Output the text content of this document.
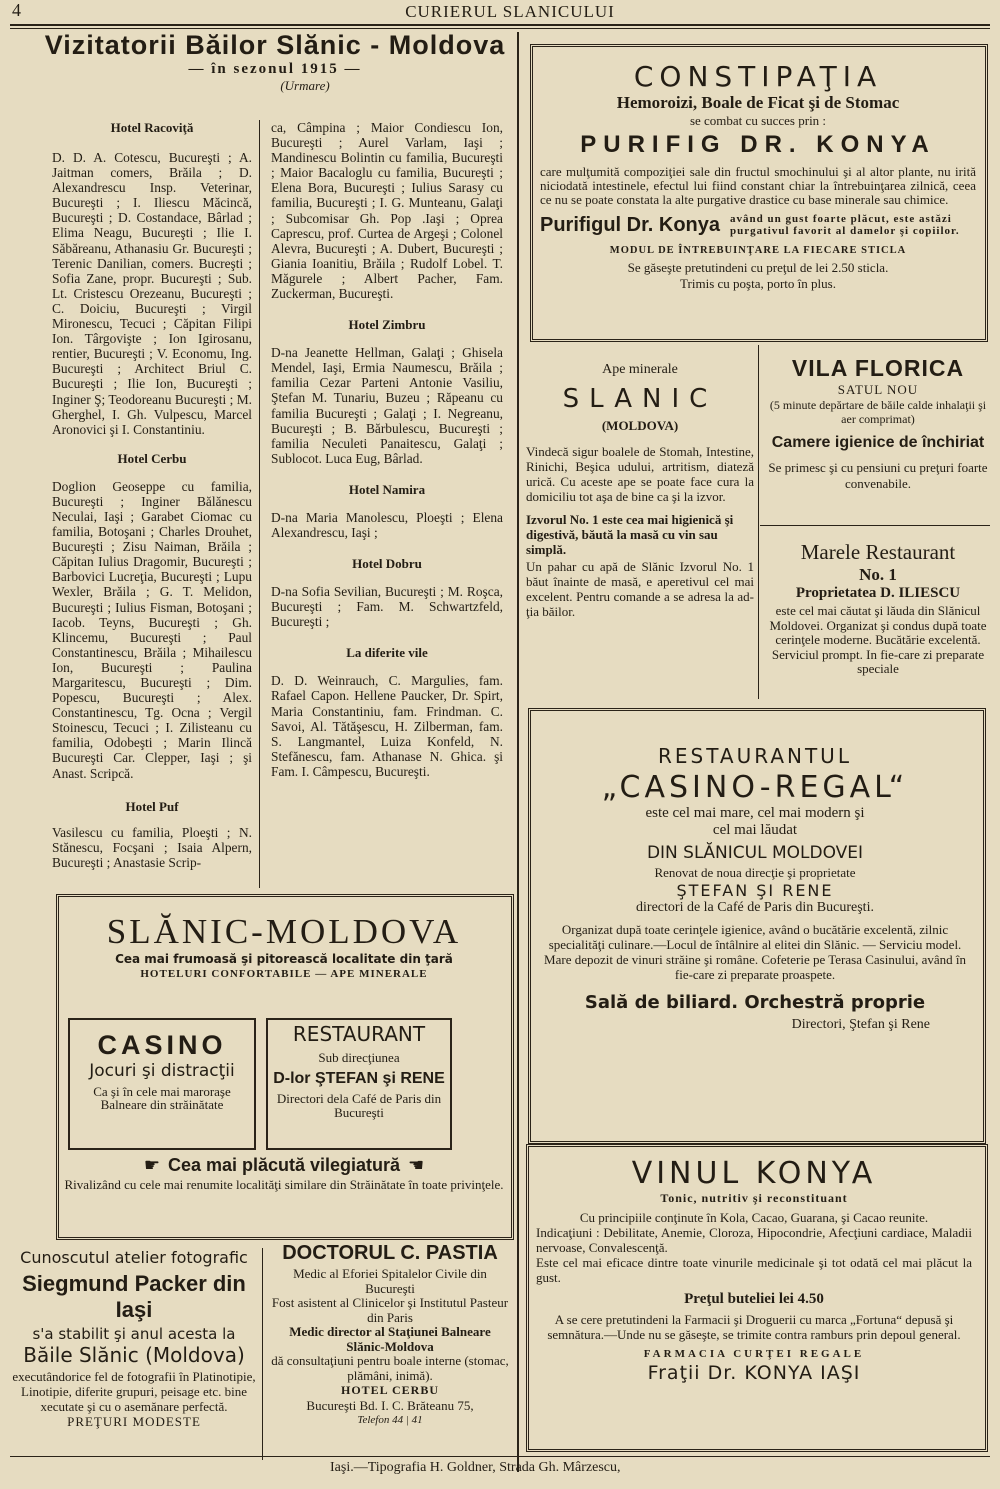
4	CURIERUL SLANICULUI
Vizitatorii Băilor Slănic - Moldova
— în sezonul 1915 —
(Urmare)

Hotel Racoviţă

D. D. A. Cotescu, Bucureşti ; A. Jaitman comers, Brăila ; D. Alexandrescu Insp. Veterinar, Bucureşti ; I. Iliescu Măcincă, Bucureşti ; D. Costandace, Bârlad ; Elima Neagu, Bucureşti ; Ilie I. Săbăreanu, Athanasiu Gr. Bucureşti ; Terenic Danilian, comers. Bucreşti ; Sofia Zane, propr. Bucureşti ; Sub. Lt. Cristescu Orezeanu, Bucureşti ; C. Doiciu, Bucureşti ; Virgil Mironescu, Tecuci ; Căpitan Filipi Ion. Târgovişte ; Ion Igirosanu, rentier, Bucureşti ; V. Economu, Ing. Bucureşti ; Architect Briul C. Bucureşti ; Ilie Ion, Bucureşti ; Inginer Ş; Teodoreanu Bucureşti ; M. Gherghel, I. Gh. Vulpescu, Marcel Aronovici şi I. Constantiniu.

Hotel Cerbu

Doglion Geoseppe cu familia, Bucureşti ; Inginer Bălănescu Neculai, Iaşi ; Garabet Ciomac cu familia, Botoşani ; Charles Drouhet, Bucureşti ; Zisu Naiman, Brăila ; Căpitan Iulius Dragomir, Bucureşti ; Barbovici Lucreţia, Bucureşti ; Lupu Wexler, Brăila ; G. T. Melidon, Bucureşti ; Iulius Fisman, Botoşani ; Iacob. Teyns, Bucureşti ; Gh. Klincemu, Bucureşti ; Paul Constantinescu, Brăila ; Mihailescu Ion, Bucureşti ; Paulina Margaritescu, Bucureşti ; Dim. Popescu, Bucureşti ; Alex. Constantinescu, Tg. Ocna ; Vergil Stoinescu, Tecuci ; I. Zilisteanu cu familia, Odobeşti ; Marin Ilincă Bucureşti Car. Clepper, Iaşi ; şi Anast. Scripcă.

Hotel Puf

Vasilescu cu familia, Ploeşti ; N. Stănescu, Focşani ; Isaia Alpern, Bucureşti ; Anastasie Scrip-

ca, Câmpina ; Maior Condiescu Ion, Bucureşti ; Aurel Varlam, Iaşi ; Mandinescu Bolintin cu familia, Bucureşti ; Maior Bacaloglu cu familia, Bucureşti ; Elena Bora, Bucureşti ; Iulius Sarasy cu familia, Bucureşti ; I. G. Munteanu, Galaţi ; Subcomisar Gh. Pop .Iaşi ; Oprea Caprescu, prof. Curtea de Argeşi ; Colonel Alevra, Bucureşti ; A. Dubert, Bucureşti ; Giania Ioanitiu, Brăila ; Rudolf Lobel. T. Măgurele ; Albert Pacher, Fam. Zuckerman, Bucureşti.

Hotel Zimbru

D-na Jeanette Hellman, Galaţi ; Ghisela Mendel, Iaşi, Ermia Naumescu, Brăila ; familia Cezar Parteni Antonie Vasiliu, Ştefan M. Tunariu, Buzeu ; Răpeanu cu familia Bucureşti ; Galaţi ; I. Negreanu, Bucureşti ; B. Bărbulescu, Bucureşti ; familia Neculeti Panaitescu, Galaţi ; Sublocot. Luca Eug, Bârlad.

Hotel Namira

D-na Maria Manolescu, Ploeşti ; Elena Alexandrescu, Iaşi ;

Hotel Dobru

D-na Sofia Sevilian, Bucureşti ; M. Roşca, Bucureşti ; Fam. M. Schwartzfeld, Bucureşti ;

La diferite vile

D. D. Weinrauch, C. Margulies, fam. Rafael Capon. Hellene Paucker, Dr. Spirt, Maria Constantiniu, fam. Frindman. C. Savoi, Al. Tătăşescu, H. Zilberman, fam. S. Langmantel, Luiza Konfeld, N. Stefănescu, fam. Athanase N. Ghica. şi Fam. I. Câmpescu, Bucureşti.

CONSTIPAŢIA
Hemoroizi, Boale de Ficat şi de Stomac
se combat cu succes prin :
PURIFIG DR. KONYA

care mulţumită compoziţiei sale din fructul smochinului şi al altor plante, nu irită niciodată intestinele, efectul lui fiind constant chiar la întrebuinţarea zilnică, ceea ce nu se poate constata la alte purgative drastice cu base minerale sau chimice.

Purifigul Dr. Konya având un gust foarte plăcut, este astăzi purgativul favorit al damelor şi copiilor.
MODUL DE ÎNTREBUINŢARE LA FIECARE STICLA
Se găseşte pretutindeni cu preţul de lei 2.50 sticla.
Trimis cu poşta, porto în plus.
Ape minerale
SLANIC
(MOLDOVA)

Vindecă sigur boalele de Stomah, Intestine, Rinichi, Beşica udului, artritism, diateză urică. Cu aceste ape se poate face cura la domiciliu tot aşa de bine ca şi la izvor.

Izvorul No. 1 este cea mai higienică şi digestivă, băută la masă cu vin sau simplă.

Un pahar cu apă de Slănic Izvorul No. 1 băut înainte de masă, e aperetivul cel mai excelent. Pentru comande a se adresa la ad-ţia băilor.

VILA FLORICA
SATUL NOU
(5 minute depărtare de băile calde inhalaţii şi aer comprimat)
Camere igienice de închiriat
Se primesc şi cu pensiuni cu preţuri foarte convenabile.
Marele Restaurant
No. 1
Proprietatea D. ILIESCU

este cel mai căutat şi lăuda din Slănicul Moldovei. Organizat şi condus după toate cerinţele moderne. Bucătărie excelentă. Serviciul prompt. In fie-care zi preparate speciale

RESTAURANTUL
„CASINO-REGAL“
este cel mai mare, cel mai modern şi
cel mai lăudat
DIN SLĂNICUL MOLDOVEI
Renovat de noua direcţie şi proprietate
ŞTEFAN ŞI RENE
directori de la Café de Paris din Bucureşti.

Organizat după toate cerinţele igienice, având o bucătărie excelentă, zilnic specialităţi culinare.—Locul de întâlnire al elitei din Slănic. — Serviciu model. Mare depozit de vinuri străine şi române. Cofeterie pe Terasa Casinului, având în fie-care zi preparate proaspete.

Sală de biliard. Orchestră proprie
Directori, Ştefan şi Rene
SLĂNIC-MOLDOVA
Cea mai frumoasă şi pitorească localitate din ţară
HOTELURI CONFORTABILE — APE MINERALE
CASINO
Jocuri şi distracţii
Ca şi în cele mai maroraşe Balneare din străinătate
RESTAURANT
Sub direcţiunea
D-lor ŞTEFAN şi RENE
Directori dela Café de Paris din Bucureşti
☛ Cea mai plăcută vilegiatură ☚
Rivalizând cu cele mai renumite localităţi similare din Străinătate în toate privinţele.
Cunoscutul atelier fotografic
Siegmund Packer din Iaşi
s'a stabilit şi anul acesta la
Băile Slănic (Moldova)

executândorice fel de fotografii în Platinotipie, Linotipie, diferite grupuri, peisage etc. bine xecutate şi cu o asemănare perfectă.

PREŢURI MODESTE
DOCTORUL C. PASTIA
Medic al Eforiei Spitalelor Civile din Bucureşti
Fost asistent al Clinicelor şi Institutul Pasteur din Paris
Medic director al Staţiunei Balneare Slănic-Moldova
dă consultaţiuni pentru boale interne (stomac, plămâni, inimă).
HOTEL CERBU
Bucureşti Bd. I. C. Brăteanu 75,
Telefon 44 | 41
VINUL KONYA
Tonic, nutritiv şi reconstituant

Cu principiile conţinute în Kola, Cacao, Guarana, şi Cacao reunite.

Indicaţiuni : Debilitate, Anemie, Cloroza, Hipocondrie, Afecţiuni cardiace, Maladii nervoase, Convalescenţă.

Este cel mai eficace dintre toate vinurile medicinale şi tot odată cel mai plăcut la gust.

Preţul buteliei lei 4.50

A se cere pretutindeni la Farmacii şi Droguerii cu marca „Fortuna“ depusă şi semnătura.—Unde nu se găseşte, se trimite contra ramburs prin depoul general.

FARMACIA CURŢEI REGALE
Fraţii Dr. KONYA IAŞI
Iaşi.—Tipografia H. Goldner, Strada Gh. Mârzescu,
